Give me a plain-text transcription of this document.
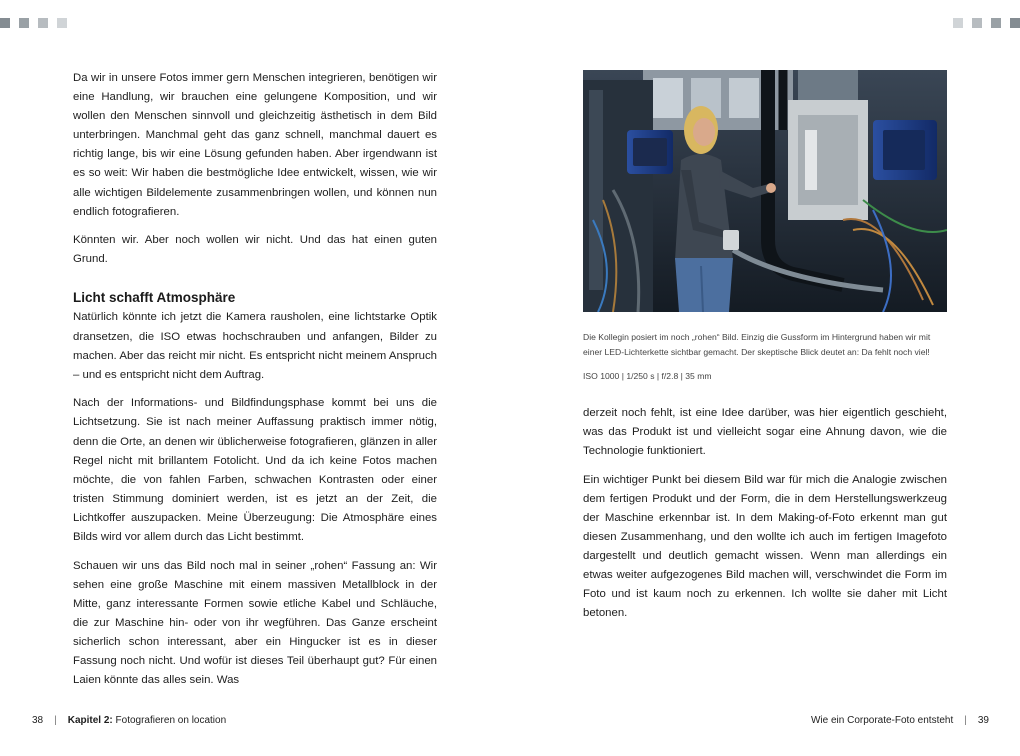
Da wir in unsere Fotos immer gern Menschen integrieren, benötigen wir eine Handlung, wir brauchen eine gelungene Komposition, und wir wollen den Menschen sinnvoll und gleichzeitig ästhetisch in dem Bild unterbringen. Manchmal geht das ganz schnell, manchmal dauert es richtig lange, bis wir eine Lösung gefunden haben. Aber irgendwann ist es so weit: Wir haben die bestmögliche Idee entwickelt, wissen, wie wir alle wichtigen Bildelemente zusammenbringen wollen, und können nun endlich fotografieren.

Könnten wir. Aber noch wollen wir nicht. Und das hat einen guten Grund.

Licht schafft Atmosphäre

Natürlich könnte ich jetzt die Kamera rausholen, eine lichtstarke Optik dransetzen, die ISO etwas hochschrauben und anfangen, Bilder zu machen. Aber das reicht mir nicht. Es entspricht nicht meinem Anspruch – und es entspricht nicht dem Auftrag.

Nach der Informations- und Bildfindungsphase kommt bei uns die Lichtsetzung. Sie ist nach meiner Auffassung praktisch immer nötig, denn die Orte, an denen wir üblicherweise fotografieren, glänzen in aller Regel nicht mit brillantem Fotolicht. Und da ich keine Fotos machen möchte, die von fahlen Farben, schwachen Kontrasten oder einer tristen Stimmung dominiert werden, ist es jetzt an der Zeit, die Lichtkoffer auszupacken. Meine Überzeugung: Die Atmosphäre eines Bilds wird vor allem durch das Licht bestimmt.

Schauen wir uns das Bild noch mal in seiner „rohen“ Fassung an: Wir sehen eine große Maschine mit einem massiven Metallblock in der Mitte, ganz interessante Formen sowie etliche Kabel und Schläuche, die zur Maschine hin- oder von ihr wegführen. Das Ganze erscheint sicherlich schon interessant, aber ein Hingucker ist es in dieser Fassung noch nicht. Und wofür ist dieses Teil überhaupt gut? Für einen Laien könnte das alles sein. Was

Die Kollegin posiert im noch „rohen“ Bild. Einzig die Gussform im Hintergrund haben wir mit einer LED-Lichterkette sichtbar gemacht. Der skeptische Blick deutet an: Da fehlt noch viel!

ISO 1000 | 1/250 s | f/2.8 | 35 mm

derzeit noch fehlt, ist eine Idee darüber, was hier eigentlich geschieht, was das Produkt ist und vielleicht sogar eine Ahnung davon, wie die Technologie funktioniert.

Ein wichtiger Punkt bei diesem Bild war für mich die Analogie zwischen dem fertigen Produkt und der Form, die in dem Herstellungswerkzeug der Maschine erkennbar ist. In dem Making-of-Foto erkennt man gut diesen Zusammenhang, und den wollte ich auch im fertigen Imagefoto dargestellt und deutlich gemacht wissen. Wenn man allerdings ein etwas weiter aufgezogenes Bild machen will, verschwindet die Form im Foto und ist kaum noch zu erkennen. Ich wollte sie daher mit Licht betonen.

38 | Kapitel 2: Fotografieren on location	Wie ein Corporate-Foto entsteht | 39
